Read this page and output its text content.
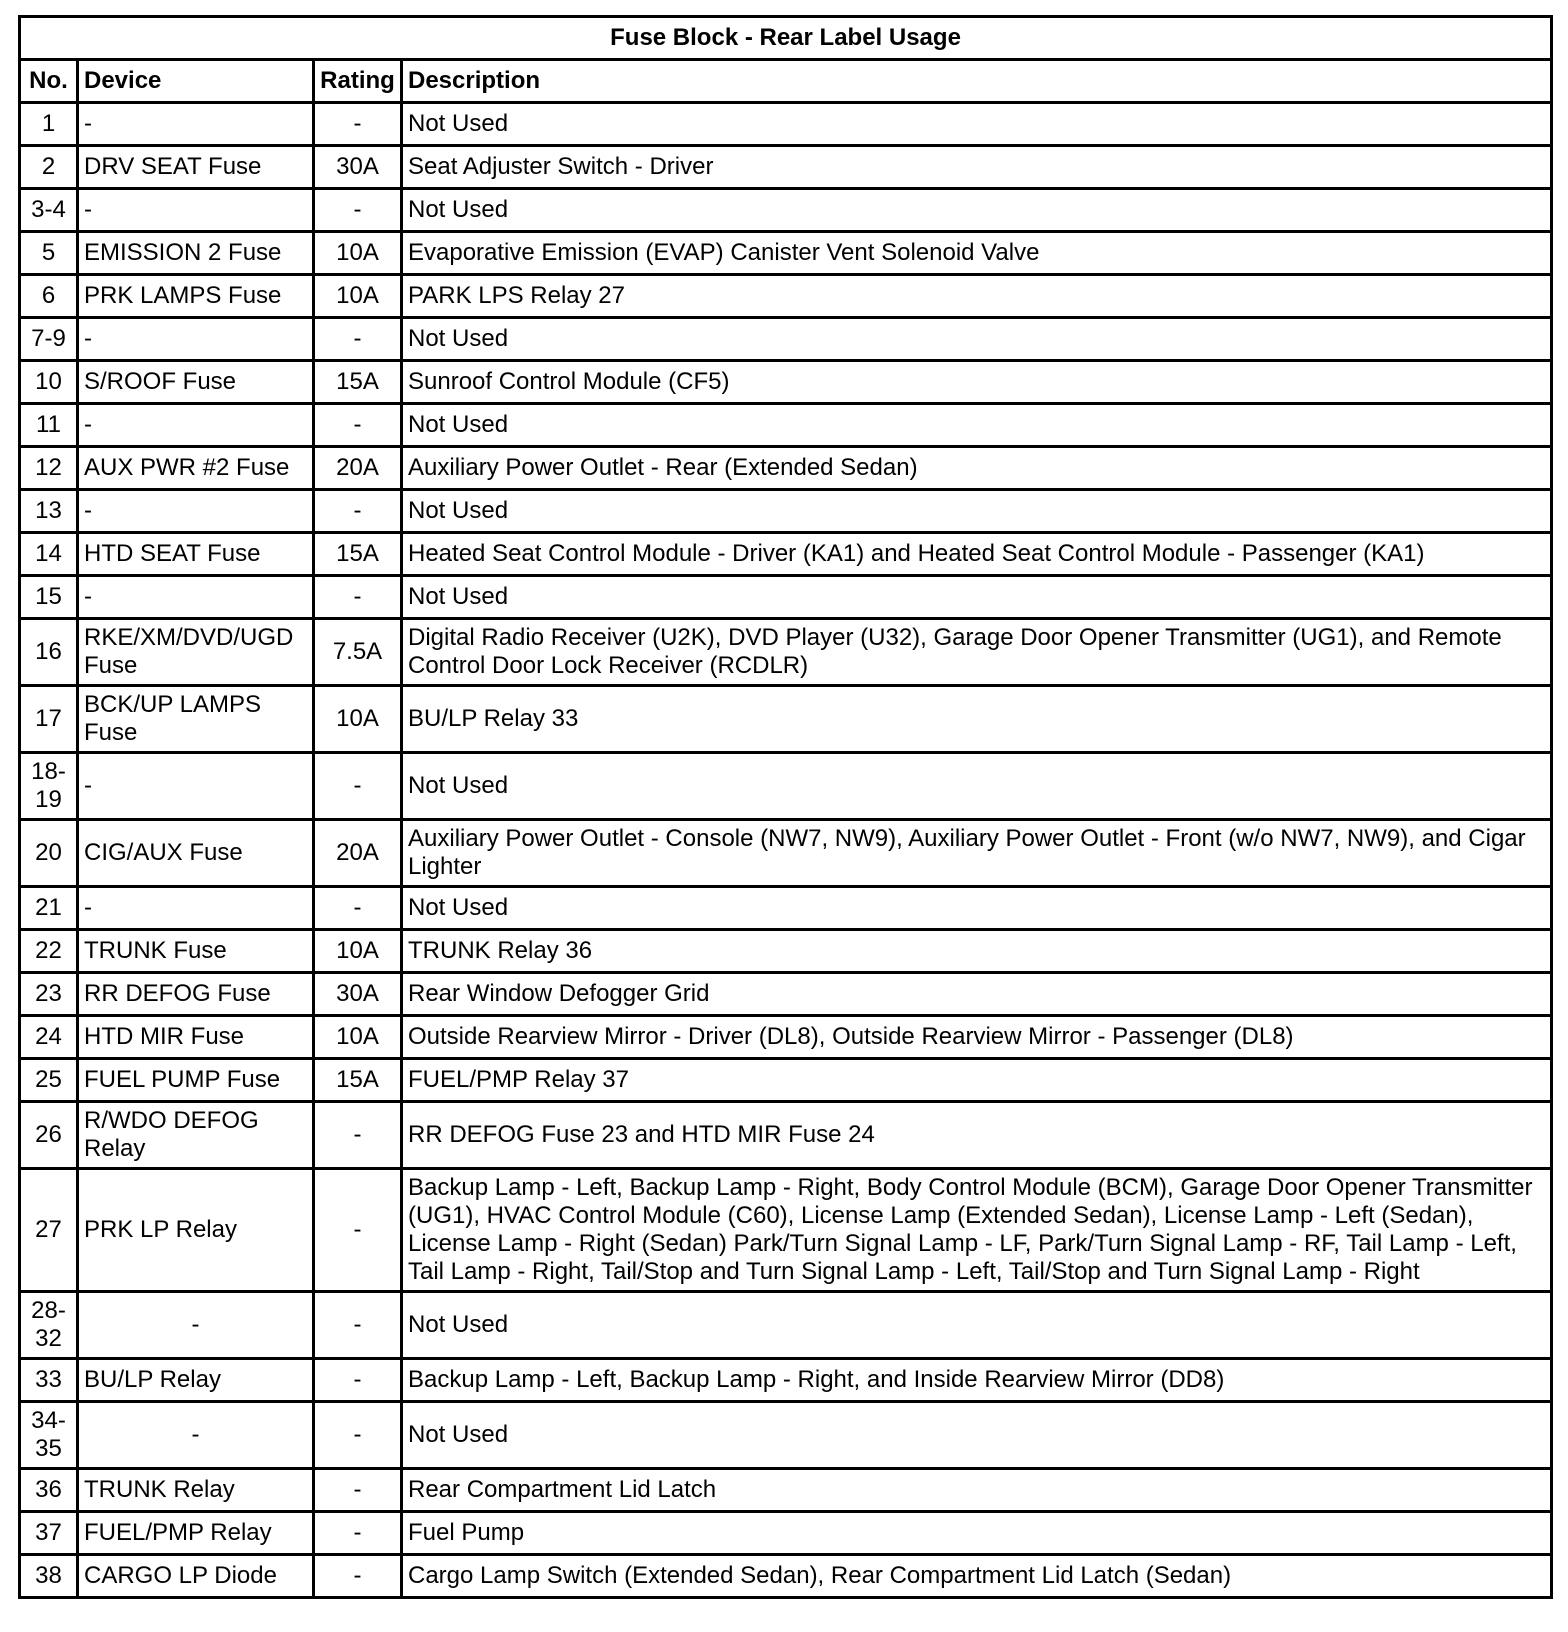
Fuse Block - Rear Label Usage			
No.	Device	Rating	Description
1	-	-	Not Used
2	DRV SEAT Fuse	30A	Seat Adjuster Switch - Driver
3-4	-	-	Not Used
5	EMISSION 2 Fuse	10A	Evaporative Emission (EVAP) Canister Vent Solenoid Valve
6	PRK LAMPS Fuse	10A	PARK LPS Relay 27
7-9	-	-	Not Used
10	S/ROOF Fuse	15A	Sunroof Control Module (CF5)
11	-	-	Not Used
12	AUX PWR #2 Fuse	20A	Auxiliary Power Outlet - Rear (Extended Sedan)
13	-	-	Not Used
14	HTD SEAT Fuse	15A	Heated Seat Control Module - Driver (KA1) and Heated Seat Control Module - Passenger (KA1)
15	-	-	Not Used
16	RKE/XM/DVD/UGD Fuse	7.5A	Digital Radio Receiver (U2K), DVD Player (U32), Garage Door Opener Transmitter (UG1), and Remote Control Door Lock Receiver (RCDLR)
17	BCK/UP LAMPS Fuse	10A	BU/LP Relay 33
18-19	-	-	Not Used
20	CIG/AUX Fuse	20A	Auxiliary Power Outlet - Console (NW7, NW9), Auxiliary Power Outlet - Front (w/o NW7, NW9), and Cigar Lighter
21	-	-	Not Used
22	TRUNK Fuse	10A	TRUNK Relay 36
23	RR DEFOG Fuse	30A	Rear Window Defogger Grid
24	HTD MIR Fuse	10A	Outside Rearview Mirror - Driver (DL8), Outside Rearview Mirror - Passenger (DL8)
25	FUEL PUMP Fuse	15A	FUEL/PMP Relay 37
26	R/WDO DEFOG Relay	-	RR DEFOG Fuse 23 and HTD MIR Fuse 24
27	PRK LP Relay	-	Backup Lamp - Left, Backup Lamp - Right, Body Control Module (BCM), Garage Door Opener Transmitter (UG1), HVAC Control Module (C60), License Lamp (Extended Sedan), License Lamp - Left (Sedan), License Lamp - Right (Sedan) Park/Turn Signal Lamp - LF, Park/Turn Signal Lamp - RF, Tail Lamp - Left, Tail Lamp - Right, Tail/Stop and Turn Signal Lamp - Left, Tail/Stop and Turn Signal Lamp - Right
28-32	-	-	Not Used
33	BU/LP Relay	-	Backup Lamp - Left, Backup Lamp - Right, and Inside Rearview Mirror (DD8)
34-35	-	-	Not Used
36	TRUNK Relay	-	Rear Compartment Lid Latch
37	FUEL/PMP Relay	-	Fuel Pump
38	CARGO LP Diode	-	Cargo Lamp Switch (Extended Sedan), Rear Compartment Lid Latch (Sedan)
